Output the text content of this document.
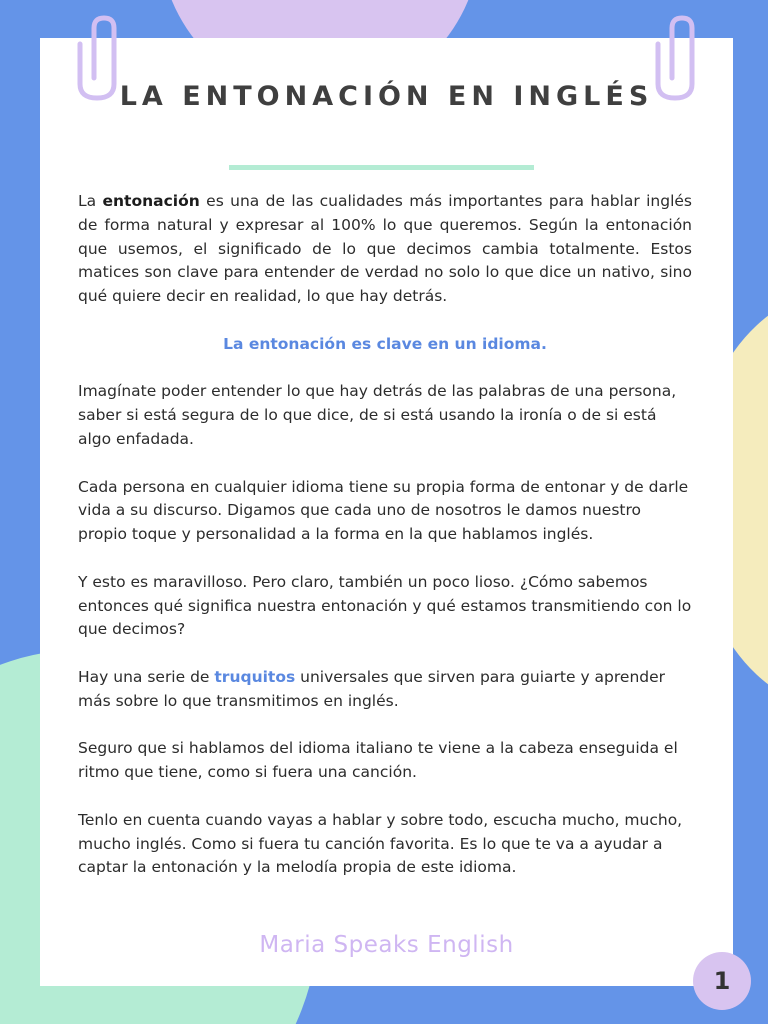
LA ENTONACIÓN EN INGLÉS

La entonación es una de las cualidades más importantes para hablar inglés de forma natural y expresar al 100% lo que queremos. Según la entonación que usemos, el significado de lo que decimos cambia totalmente. Estos matices son clave para entender de verdad no solo lo que dice un nativo, sino qué quiere decir en realidad, lo que hay detrás.

La entonación es clave en un idioma.

Imagínate poder entender lo que hay detrás de las palabras de una persona, saber si está segura de lo que dice, de si está usando la ironía o de si está algo enfadada.

Cada persona en cualquier idioma tiene su propia forma de entonar y de darle vida a su discurso. Digamos que cada uno de nosotros le damos nuestro propio toque y personalidad a la forma en la que hablamos inglés.

Y esto es maravilloso. Pero claro, también un poco lioso. ¿Cómo sabemos entonces qué significa nuestra entonación y qué estamos transmitiendo con lo que decimos?

Hay una serie de truquitos universales que sirven para guiarte y aprender más sobre lo que transmitimos en inglés.

Seguro que si hablamos del idioma italiano te viene a la cabeza enseguida el ritmo que tiene, como si fuera una canción.

Tenlo en cuenta cuando vayas a hablar y sobre todo, escucha mucho, mucho, mucho inglés. Como si fuera tu canción favorita. Es lo que te va a ayudar a captar la entonación y la melodía propia de este idioma.

Maria Speaks English
1
